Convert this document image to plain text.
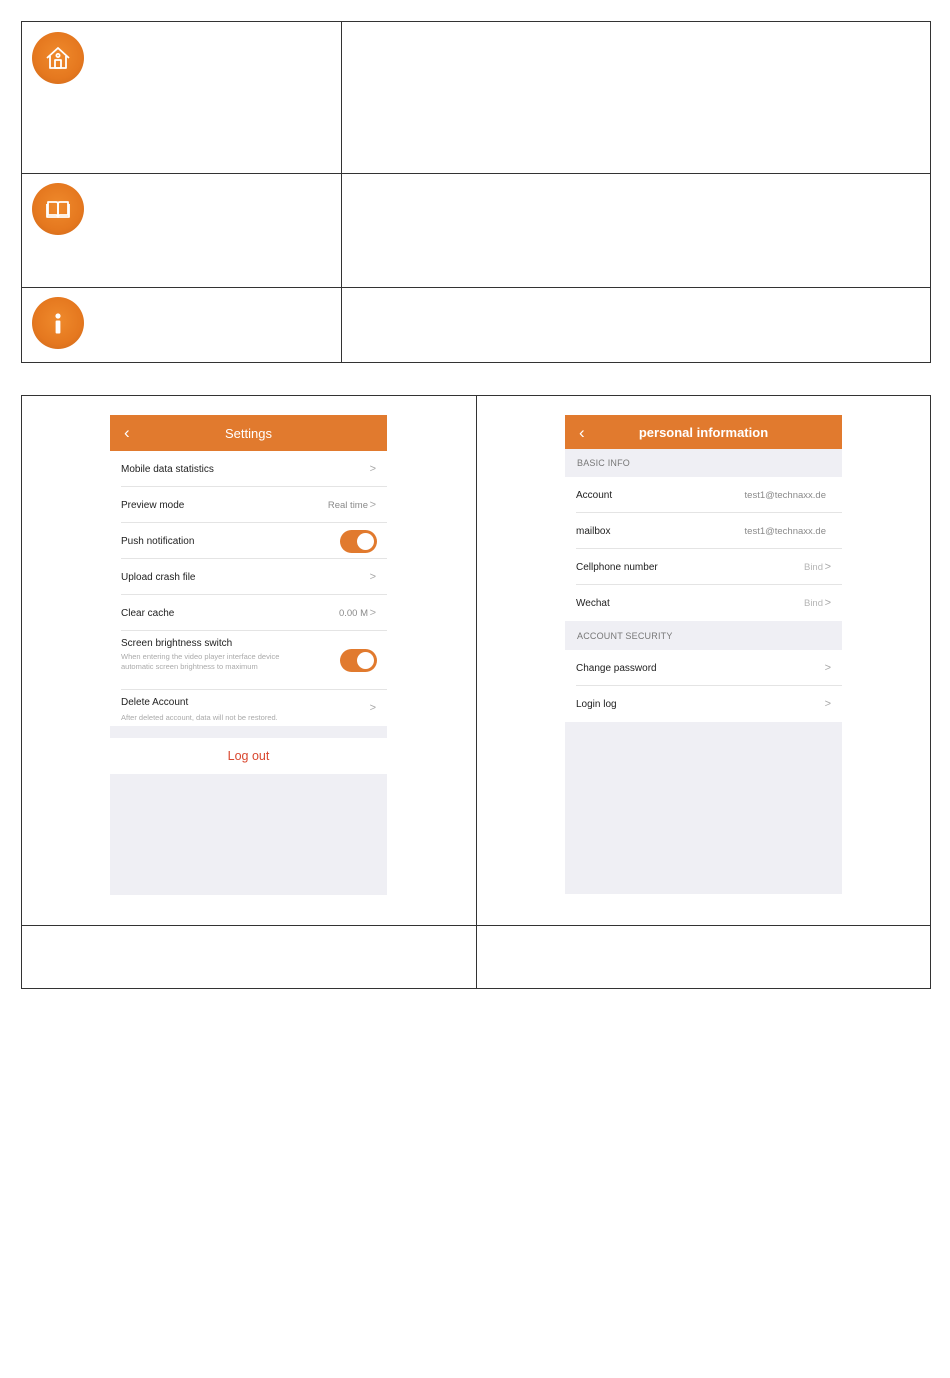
‹	Settings
Mobile data statistics	>
Preview mode	Real time >
Push notification
Upload crash file	>
Clear cache	0.00 M >
Screen brightness switch
When entering the video player interface device automatic screen brightness to maximum
Delete Account
After deleted account, data will not be restored.
>
Log out
‹	personal information
BASIC INFO
Account	test1@technaxx.de
mailbox	test1@technaxx.de
Cellphone number	Bind >
Wechat	Bind >
ACCOUNT SECURITY
Change password	>
Login log	>
